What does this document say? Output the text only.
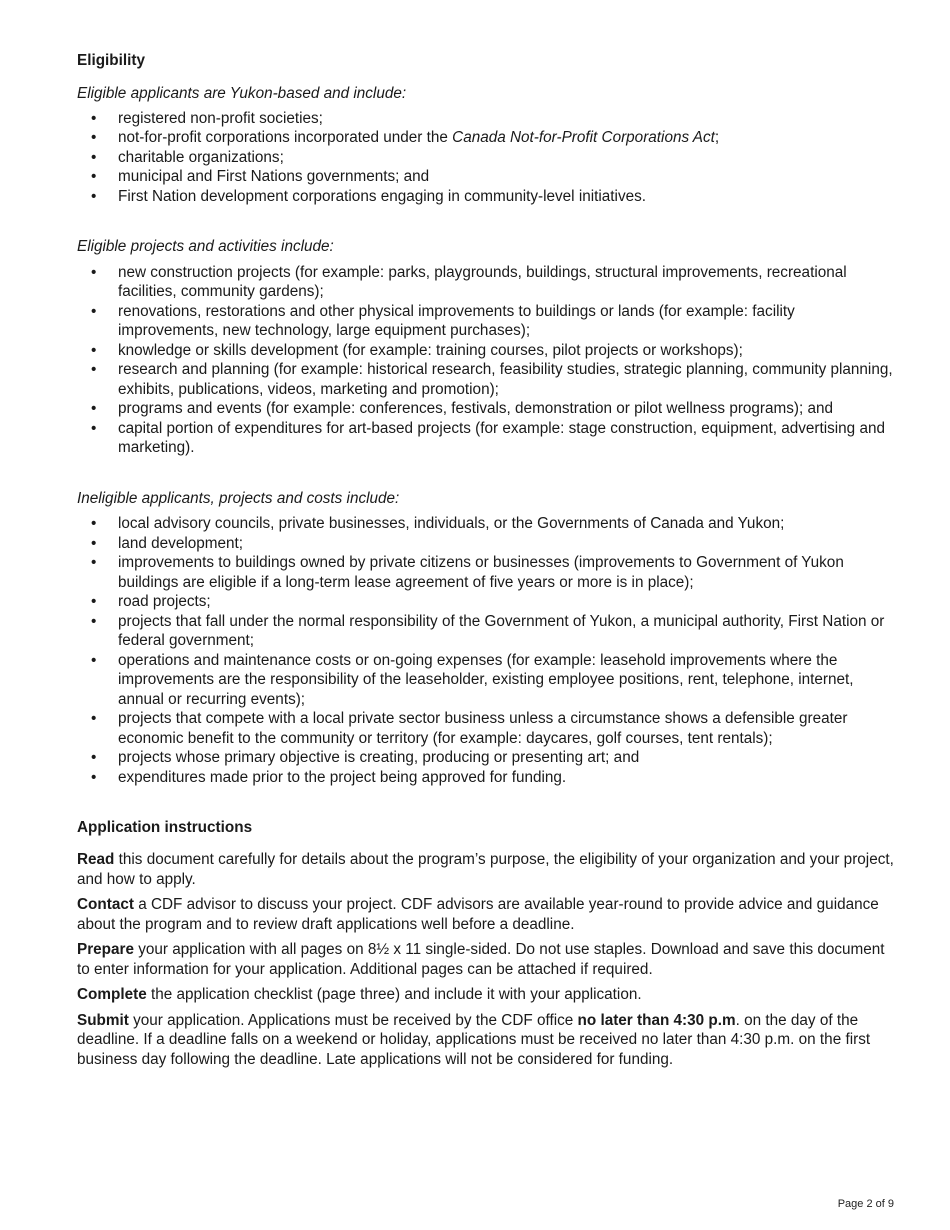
Eligibility

Eligible applicants are Yukon-based and include:

• registered non-profit societies;
• not-for-profit corporations incorporated under the Canada Not-for-Profit Corporations Act;
• charitable organizations;
• municipal and First Nations governments; and
• First Nation development corporations engaging in community-level initiatives.

Eligible projects and activities include:

• new construction projects (for example: parks, playgrounds, buildings, structural improvements, recreational facilities, community gardens);
• renovations, restorations and other physical improvements to buildings or lands (for example: facility improvements, new technology, large equipment purchases);
• knowledge or skills development (for example: training courses, pilot projects or workshops);
• research and planning (for example: historical research, feasibility studies, strategic planning, community planning, exhibits, publications, videos, marketing and promotion);
• programs and events (for example: conferences, festivals, demonstration or pilot wellness programs); and
• capital portion of expenditures for art-based projects (for example: stage construction, equipment, advertising and marketing).

Ineligible applicants, projects and costs include:

• local advisory councils, private businesses, individuals, or the Governments of Canada and Yukon;
• land development;
• improvements to buildings owned by private citizens or businesses (improvements to Government of Yukon buildings are eligible if a long-term lease agreement of five years or more is in place);
• road projects;
• projects that fall under the normal responsibility of the Government of Yukon, a municipal authority, First Nation or federal government;
• operations and maintenance costs or on-going expenses (for example: leasehold improvements where the improvements are the responsibility of the leaseholder, existing employee positions, rent, telephone, internet, annual or recurring events);
• projects that compete with a local private sector business unless a circumstance shows a defensible greater economic benefit to the community or territory (for example: daycares, golf courses, tent rentals);
• projects whose primary objective is creating, producing or presenting art; and
• expenditures made prior to the project being approved for funding.
Application instructions

Read this document carefully for details about the program’s purpose, the eligibility of your organization and your project, and how to apply.

Contact a CDF advisor to discuss your project. CDF advisors are available year-round to provide advice and guidance about the program and to review draft applications well before a deadline.

Prepare your application with all pages on 8½ x 11 single-sided. Do not use staples. Download and save this document to enter information for your application. Additional pages can be attached if required.

Complete the application checklist (page three) and include it with your application.

Submit your application. Applications must be received by the CDF office no later than 4:30 p.m. on the day of the deadline. If a deadline falls on a weekend or holiday, applications must be received no later than 4:30 p.m. on the first business day following the deadline. Late applications will not be considered for funding.

Page 2 of 9
